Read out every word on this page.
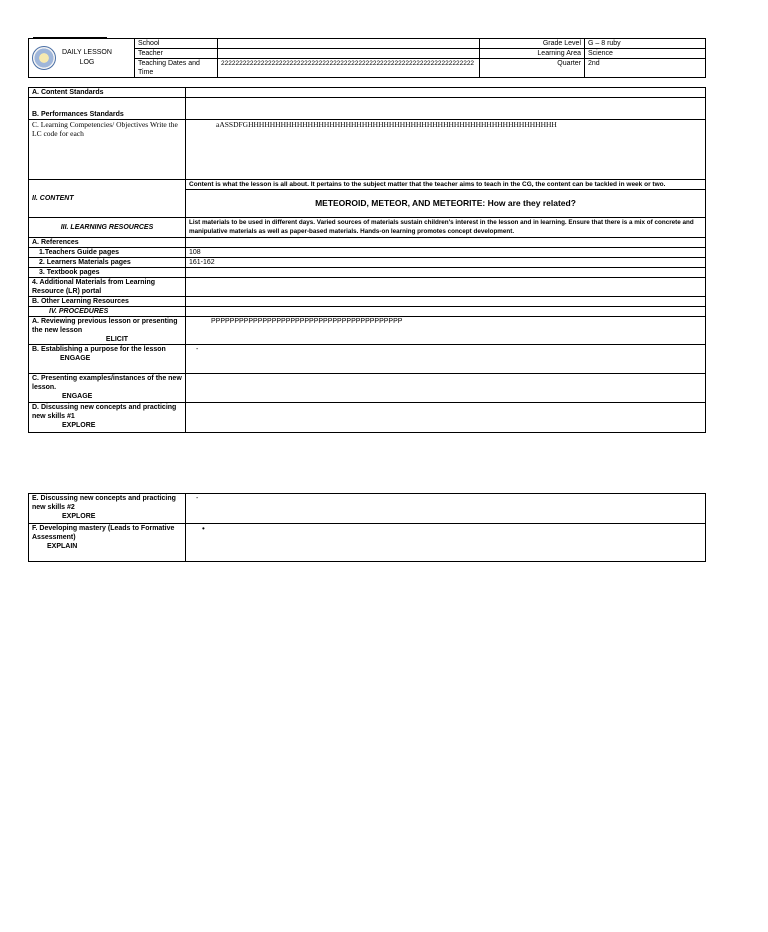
DAILY LESSON
LOG	School		Grade Level	G – 8 ruby
	Teacher		Learning Area	Science
	Teaching Dates and Time	2222222222222222222222222222222222222222222222222222222222222222222222	Quarter	2nd
A. Content Standards	
B. Performances Standards	
C. Learning Competencies/ Objectives Write the LC code for each	aASSDFGHHHHHHHHHHHHHHHHHHHHHHHHHHHHHHHHHHHHHHHHHHHHHHHHHHHHHHHHH
II. CONTENT	Content is what the lesson is all about. It pertains to the subject matter that the teacher aims to teach in the CG, the content can be tackled in week or two.
	METEOROID, METEOR, AND METEORITE: How are they related?
III. LEARNING RESOURCES	List materials to be used in different days. Varied sources of materials sustain children's interest in the lesson and in learning. Ensure that there is a mix of concrete and manipulative materials as well as paper-based materials. Hands-on learning promotes concept development.
A. References	
1.Teachers Guide pages	108
2. Learners Materials pages	161-162
3. Textbook pages	
4. Additional Materials from Learning Resource (LR) portal	
B. Other Learning Resources	
IV. PROCEDURES	

A. Reviewing previous lesson or presenting the new lesson
ELICIT	PPPPPPPPPPPPPPPPPPPPPPPPPPPPPPPPPPPPPPPPP

B. Establishing a purpose for the lesson
ENGAGE	-

C. Presenting examples/instances of the new lesson.
ENGAGE	

D. Discussing new concepts and practicing new skills #1
EXPLORE	

E. Discussing new concepts and practicing new skills #2
EXPLORE	-

F. Developing mastery (Leads to Formative Assessment)
EXPLAIN	•
